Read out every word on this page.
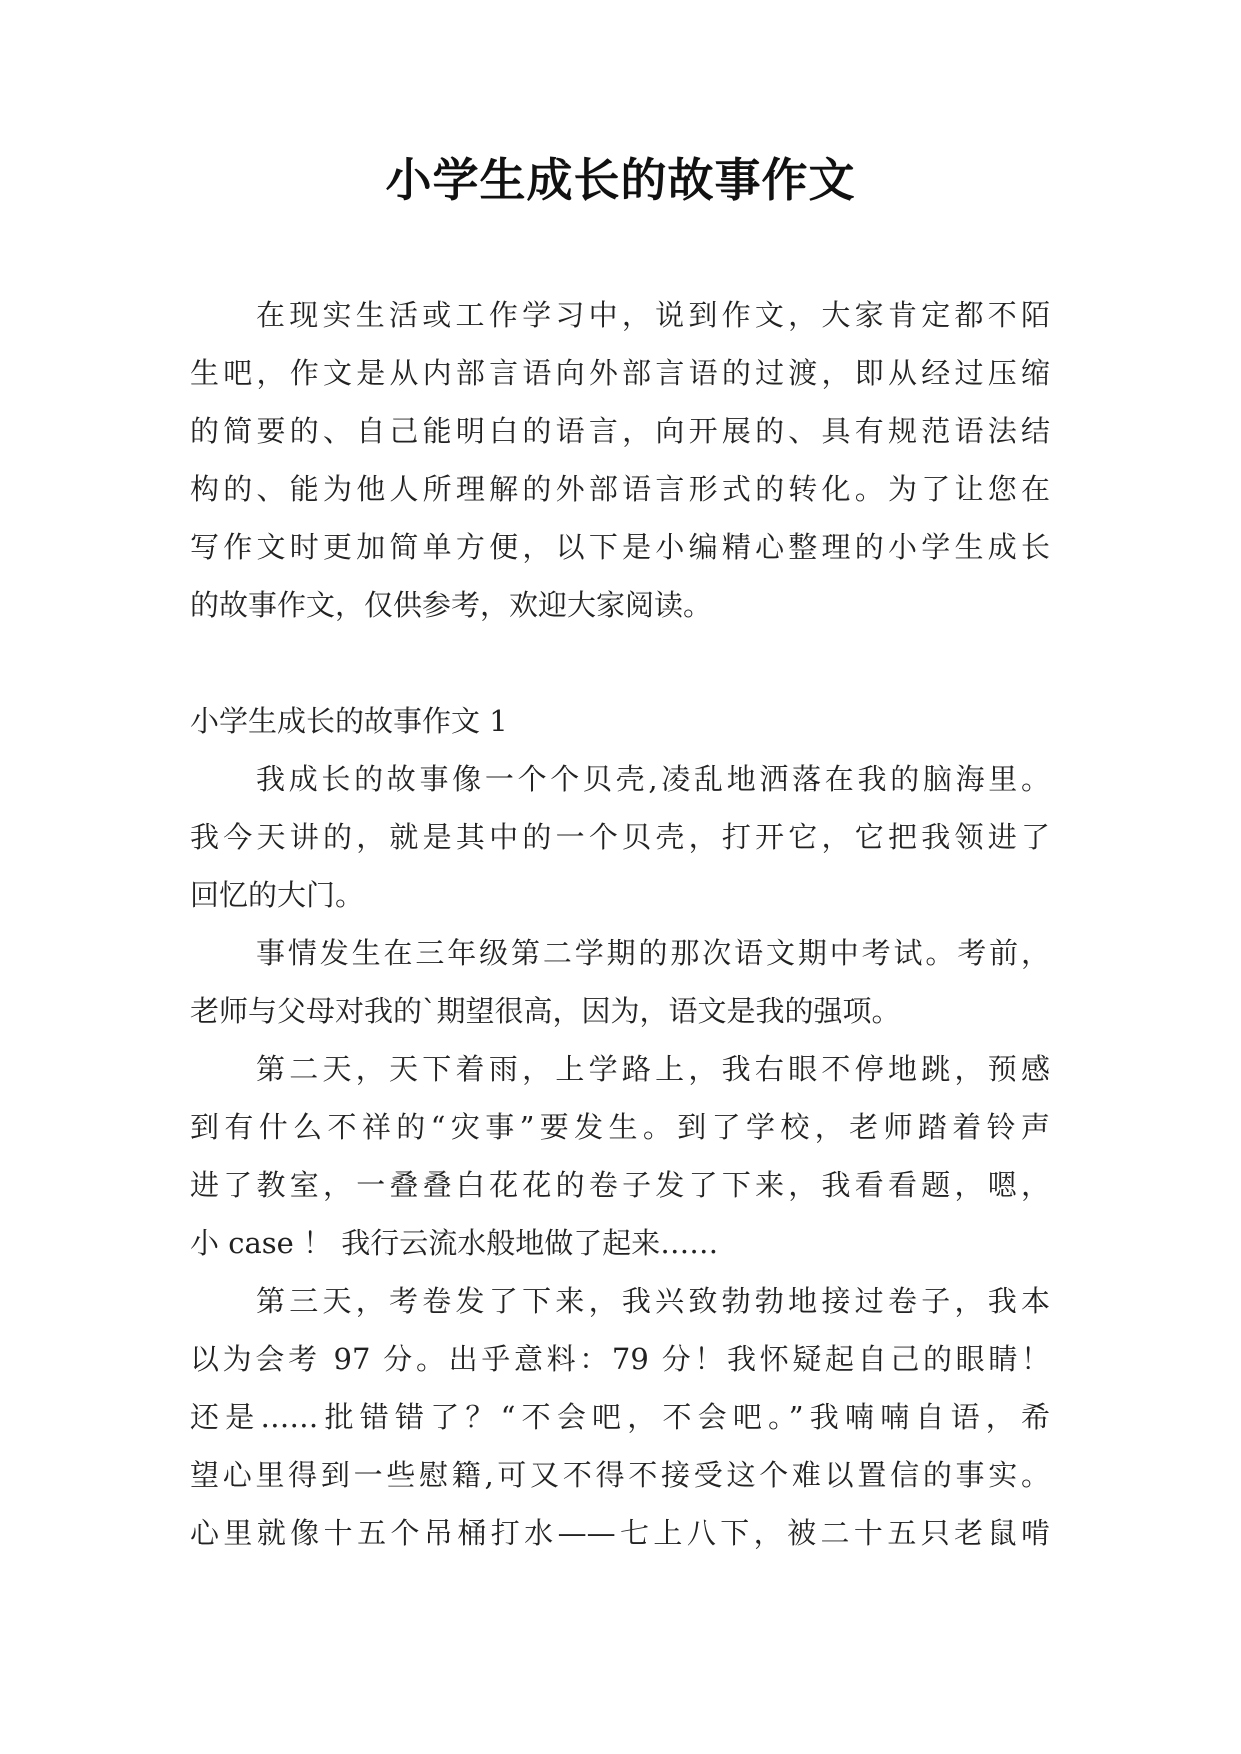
小学生成长的故事作文
在现实生活或工作学习中，说到作文，大家肯定都不陌
生吧，作文是从内部言语向外部言语的过渡，即从经过压缩
的简要的、自己能明白的语言，向开展的、具有规范语法结
构的、能为他人所理解的外部语言形式的转化。为了让您在
写作文时更加简单方便，以下是小编精心整理的小学生成长
的故事作文，仅供参考，欢迎大家阅读。
小学生成长的故事作文 1
我成长的故事像一个个贝壳,凌乱地洒落在我的脑海里。
我今天讲的，就是其中的一个贝壳，打开它，它把我领进了
回忆的大门。
事情发生在三年级第二学期的那次语文期中考试。考前，
老师与父母对我的`期望很高，因为，语文是我的强项。
第二天，天下着雨，上学路上，我右眼不停地跳，预感
到有什么不祥的“灾事”要发生。到了学校，老师踏着铃声
进了教室，一叠叠白花花的卷子发了下来，我看看题，嗯，
小 case ！ 我行云流水般地做了起来……
第三天，考卷发了下来，我兴致勃勃地接过卷子，我本
以为会考 97 分。出乎意料：79 分！我怀疑起自己的眼睛！
还是……批错错了？“不会吧，不会吧。”我喃喃自语，希
望心里得到一些慰籍,可又不得不接受这个难以置信的事实。
心里就像十五个吊桶打水——七上八下，被二十五只老鼠啃
